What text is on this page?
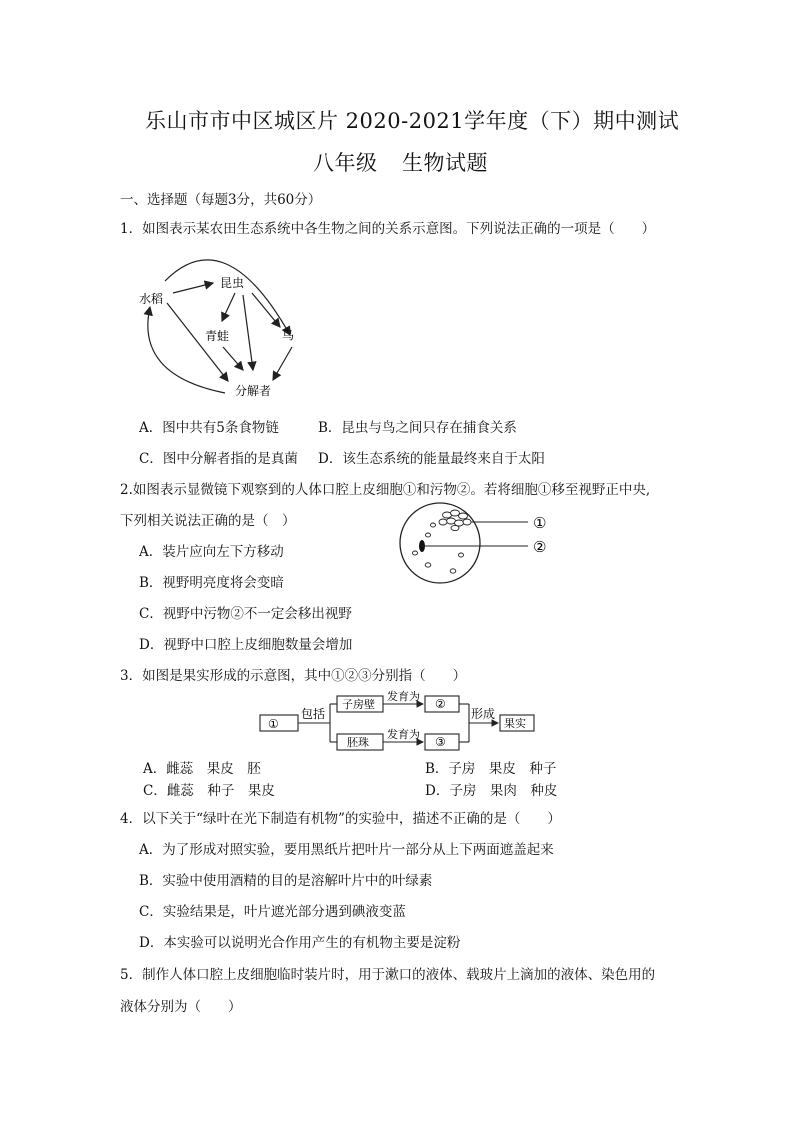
乐山市市中区城区片 2020-2021学年度（下）期中测试
八年级 生物试题
一、选择题（每题3分，共60分）
1．如图表示某农田生态系统中各生物之间的关系示意图。下列说法正确的一项是（　　）
水稻
昆虫
青蛙	鸟
分解者
A．图中共有5条食物链	B．昆虫与鸟之间只存在捕食关系
C．图中分解者指的是真菌 D．该生态系统的能量最终来自于太阳
2.如图表示显微镜下观察到的人体口腔上皮细胞①和污物②。若将细胞①移至视野正中央,
下列相关说法正确的是（　）	①
②
A．装片应向左下方移动
B．视野明亮度将会变暗
C．视野中污物②不一定会移出视野
D．视野中口腔上皮细胞数量会增加
3．如图是果实形成的示意图，其中①②③分别指（　　）
①
包括
子房壁
发育为
②
胚珠
发育为
③
形成
果实
A．雌蕊　果皮　胚	B．子房　果皮　种子
C．雌蕊　种子　果皮	D．子房　果肉　种皮
4．以下关于“绿叶在光下制造有机物”的实验中，描述不正确的是（　　）
A．为了形成对照实验，要用黑纸片把叶片一部分从上下两面遮盖起来
B．实验中使用酒精的目的是溶解叶片中的叶绿素
C．实验结果是，叶片遮光部分遇到碘液变蓝
D．本实验可以说明光合作用产生的有机物主要是淀粉
5．制作人体口腔上皮细胞临时装片时，用于漱口的液体、载玻片上滴加的液体、染色用的
液体分别为（　　）
